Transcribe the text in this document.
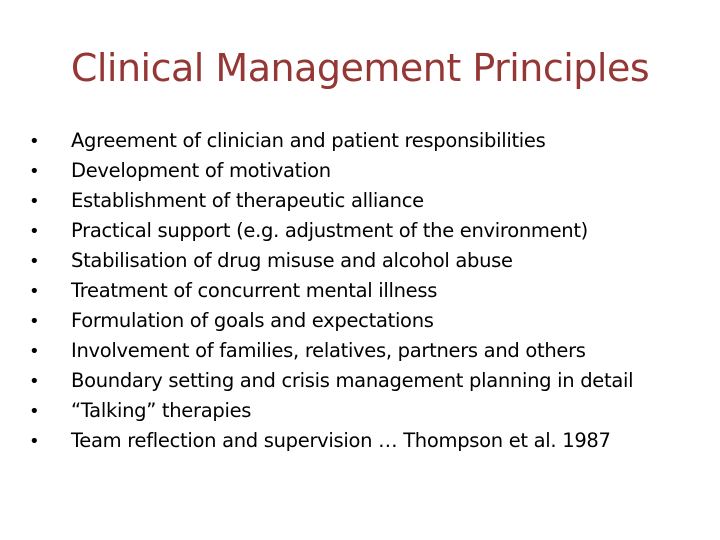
Clinical Management Principles
•	Agreement of clinician and patient responsibilities
•	Development of motivation
•	Establishment of therapeutic alliance
•	Practical support (e.g. adjustment of the environment)
•	Stabilisation of drug misuse and alcohol abuse
•	Treatment of concurrent mental illness
•	Formulation of goals and expectations
•	Involvement of families, relatives, partners and others
•	Boundary setting and crisis management planning in detail
•	“Talking” therapies
•	Team reflection and supervision … Thompson et al. 1987
